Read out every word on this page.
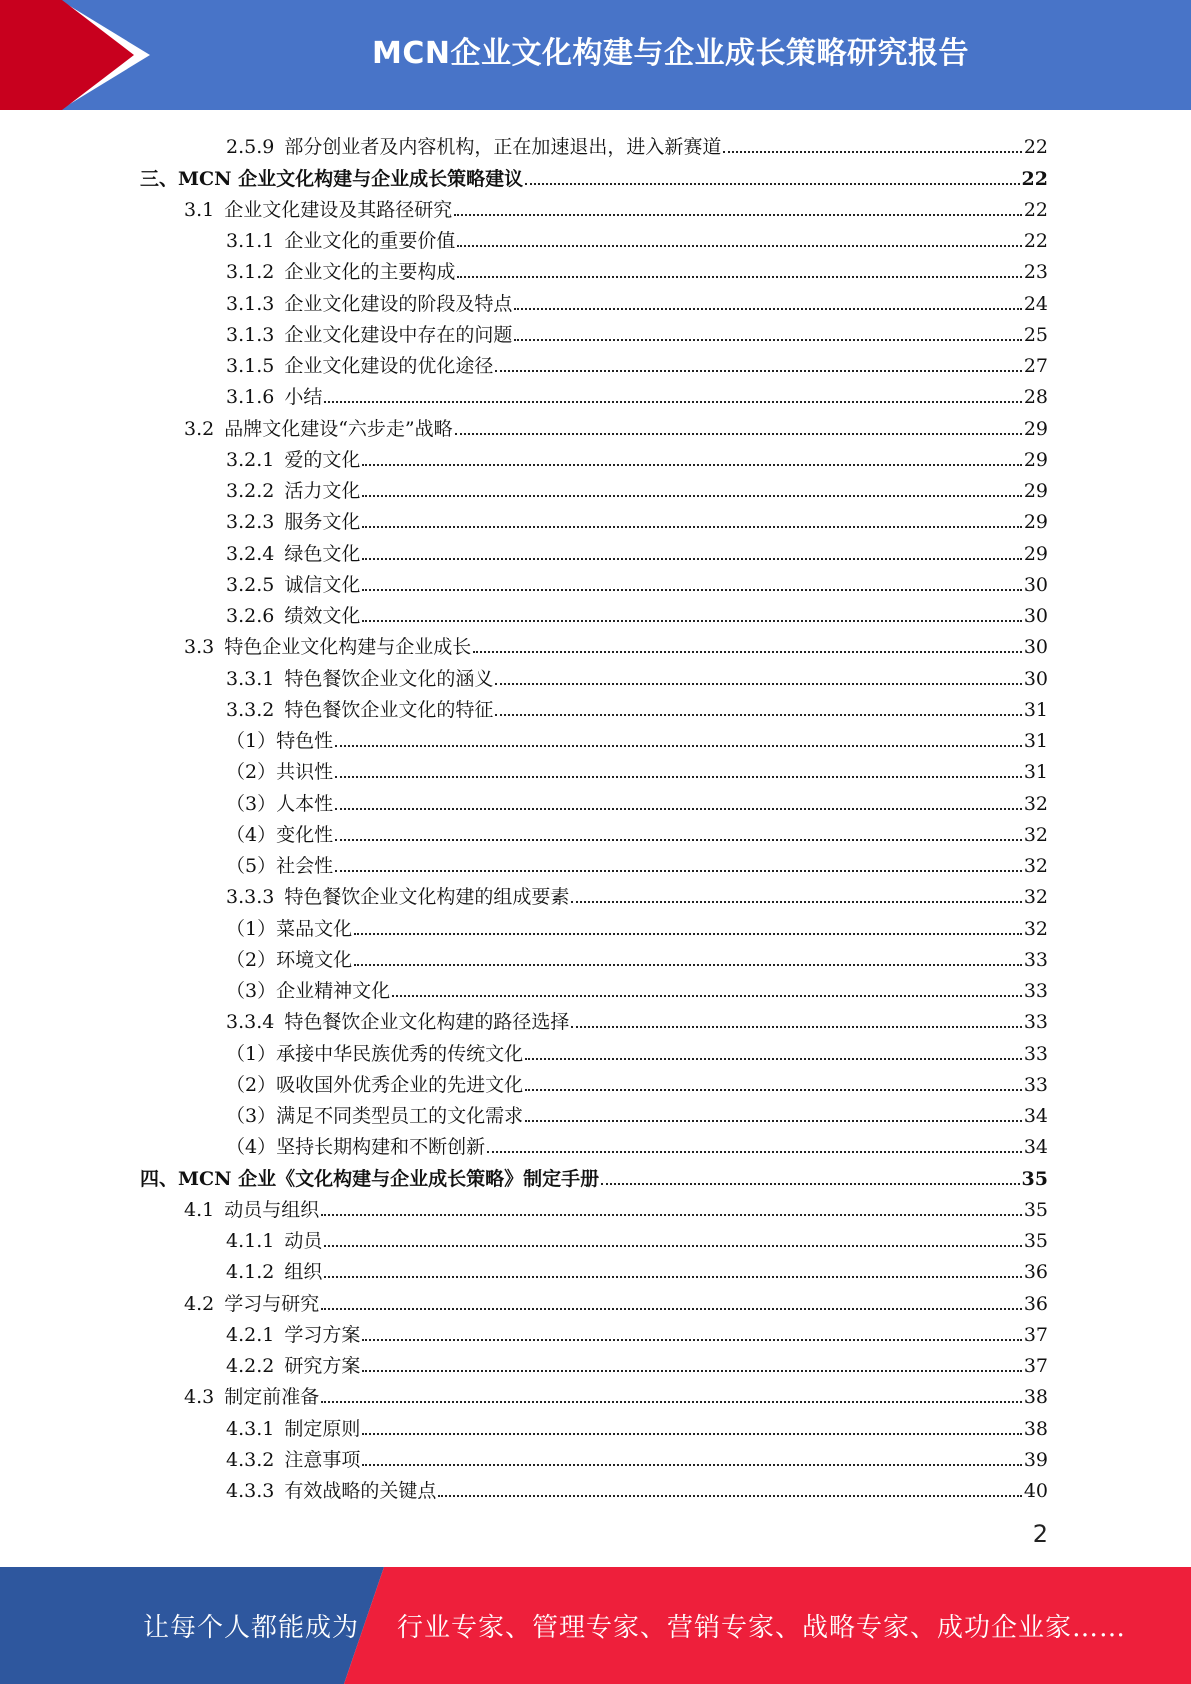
MCN企业文化构建与企业成长策略研究报告
2.5.9 部分创业者及内容机构，正在加速退出，进入新赛道	22
三、MCN 企业文化构建与企业成长策略建议	22
3.1 企业文化建设及其路径研究	22
3.1.1 企业文化的重要价值	22
3.1.2 企业文化的主要构成	23
3.1.3 企业文化建设的阶段及特点	24
3.1.3 企业文化建设中存在的问题	25
3.1.5 企业文化建设的优化途径	27
3.1.6 小结	28
3.2 品牌文化建设“六步走”战略	29
3.2.1 爱的文化	29
3.2.2 活力文化	29
3.2.3 服务文化	29
3.2.4 绿色文化	29
3.2.5 诚信文化	30
3.2.6 绩效文化	30
3.3 特色企业文化构建与企业成长	30
3.3.1 特色餐饮企业文化的涵义	30
3.3.2 特色餐饮企业文化的特征	31
（1）特色性	31
（2）共识性	31
（3）人本性	32
（4）变化性	32
（5）社会性	32
3.3.3 特色餐饮企业文化构建的组成要素	32
（1）菜品文化	32
（2）环境文化	33
（3）企业精神文化	33
3.3.4 特色餐饮企业文化构建的路径选择	33
（1）承接中华民族优秀的传统文化	33
（2）吸收国外优秀企业的先进文化	33
（3）满足不同类型员工的文化需求	34
（4）坚持长期构建和不断创新	34
四、MCN 企业《文化构建与企业成长策略》制定手册	35
4.1 动员与组织	35
4.1.1 动员	35
4.1.2 组织	36
4.2 学习与研究	36
4.2.1 学习方案	37
4.2.2 研究方案	37
4.3 制定前准备	38
4.3.1 制定原则	38
4.3.2 注意事项	39
4.3.3 有效战略的关键点	40
2
让每个人都能成为 行业专家、管理专家、营销专家、战略专家、成功企业家……
